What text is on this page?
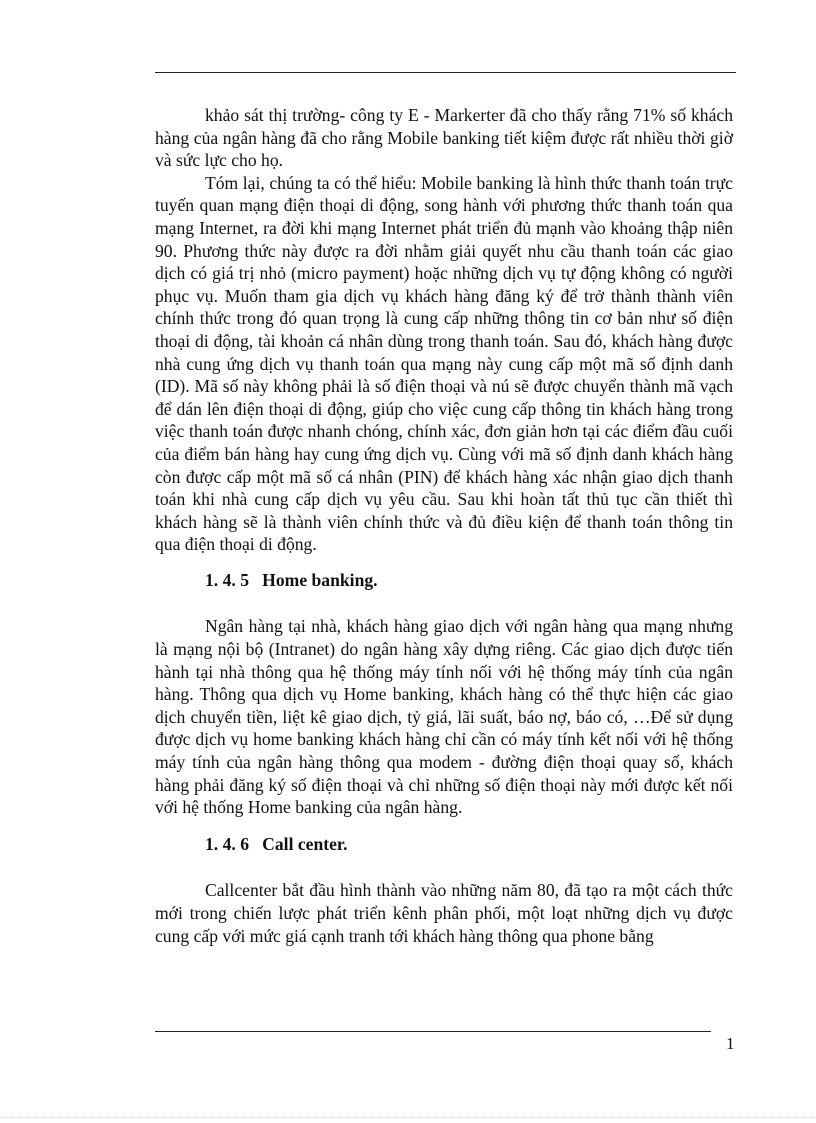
khảo sát thị trường- công ty E - Markerter đã cho thấy rằng 71% số khách hàng của ngân hàng đã cho rằng Mobile banking tiết kiệm được rất nhiều thời giờ và sức lực cho họ.

Tóm lại, chúng ta có thể hiểu: Mobile banking là hình thức thanh toán trực tuyến quan mạng điện thoại di động, song hành với phương thức thanh toán qua mạng Internet, ra đời khi mạng Internet phát triển đủ mạnh vào khoảng thập niên 90. Phương thức này được ra đời nhằm giải quyết nhu cầu thanh toán các giao dịch có giá trị nhỏ (micro payment) hoặc những dịch vụ tự động không có người phục vụ. Muốn tham gia dịch vụ khách hàng đăng ký để trở thành thành viên chính thức trong đó quan trọng là cung cấp những thông tin cơ bản như số điện thoại di động, tài khoản cá nhân dùng trong thanh toán. Sau đó, khách hàng được nhà cung ứng dịch vụ thanh toán qua mạng này cung cấp một mã số định danh (ID). Mã số này không phải là số điện thoại và nú sẽ được chuyển thành mã vạch để dán lên điện thoại di động, giúp cho việc cung cấp thông tin khách hàng trong việc thanh toán được nhanh chóng, chính xác, đơn giản hơn tại các điểm đầu cuối của điểm bán hàng hay cung ứng dịch vụ. Cùng với mã số định danh khách hàng còn được cấp một mã số cá nhân (PIN) để khách hàng xác nhận giao dịch thanh toán khi nhà cung cấp dịch vụ yêu cầu. Sau khi hoàn tất thủ tục cần thiết thì khách hàng sẽ là thành viên chính thức và đủ điều kiện để thanh toán thông tin qua điện thoại di động.

1. 4. 5   Home banking.

Ngân hàng tại nhà, khách hàng giao dịch với ngân hàng qua mạng nhưng là mạng nội bộ (Intranet) do ngân hàng xây dựng riêng. Các giao dịch được tiến hành tại nhà thông qua hệ thống máy tính nối với hệ thống máy tính của ngân hàng. Thông qua dịch vụ Home banking, khách hàng có thể thực hiện các giao dịch chuyển tiền, liệt kê giao dịch, tỷ giá, lãi suất, báo nợ, báo có, …Để sử dụng được dịch vụ home banking khách hàng chỉ cần có máy tính kết nối với hệ thống máy tính của ngân hàng thông qua modem - đường điện thoại quay số, khách hàng phải đăng ký số điện thoại và chỉ những số điện thoại này mới được kết nối với hệ thống Home banking của ngân hàng.

1. 4. 6   Call center.

Callcenter bắt đầu hình thành vào những năm 80, đã tạo ra một cách thức mới trong chiến lược phát triển kênh phân phối, một loạt những dịch vụ được cung cấp với mức giá cạnh tranh tới khách hàng thông qua phone bằng

1
